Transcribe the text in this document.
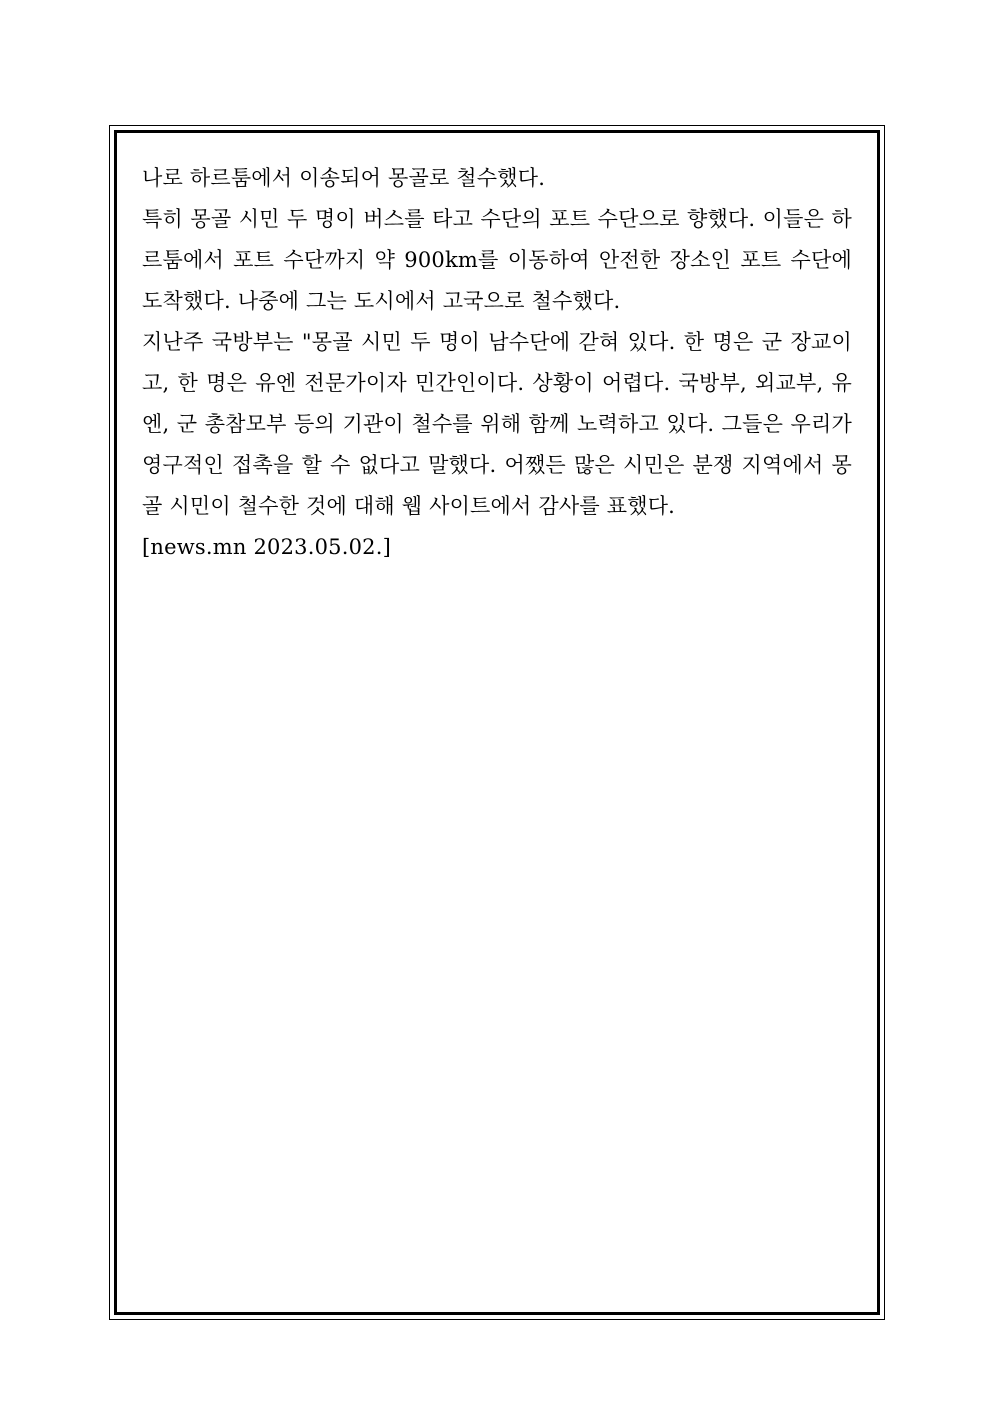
나로 하르툼에서 이송되어 몽골로 철수했다.

특히 몽골 시민 두 명이 버스를 타고 수단의 포트 수단으로 향했다. 이들은 하르툼에서 포트 수단까지 약 900km를 이동하여 안전한 장소인 포트 수단에 도착했다. 나중에 그는 도시에서 고국으로 철수했다.

지난주 국방부는 "몽골 시민 두 명이 남수단에 갇혀 있다. 한 명은 군 장교이고, 한 명은 유엔 전문가이자 민간인이다. 상황이 어렵다. 국방부, 외교부, 유엔, 군 총참모부 등의 기관이 철수를 위해 함께 노력하고 있다. 그들은 우리가 영구적인 접촉을 할 수 없다고 말했다. 어쨌든 많은 시민은 분쟁 지역에서 몽골 시민이 철수한 것에 대해 웹 사이트에서 감사를 표했다.

[news.mn 2023.05.02.]
